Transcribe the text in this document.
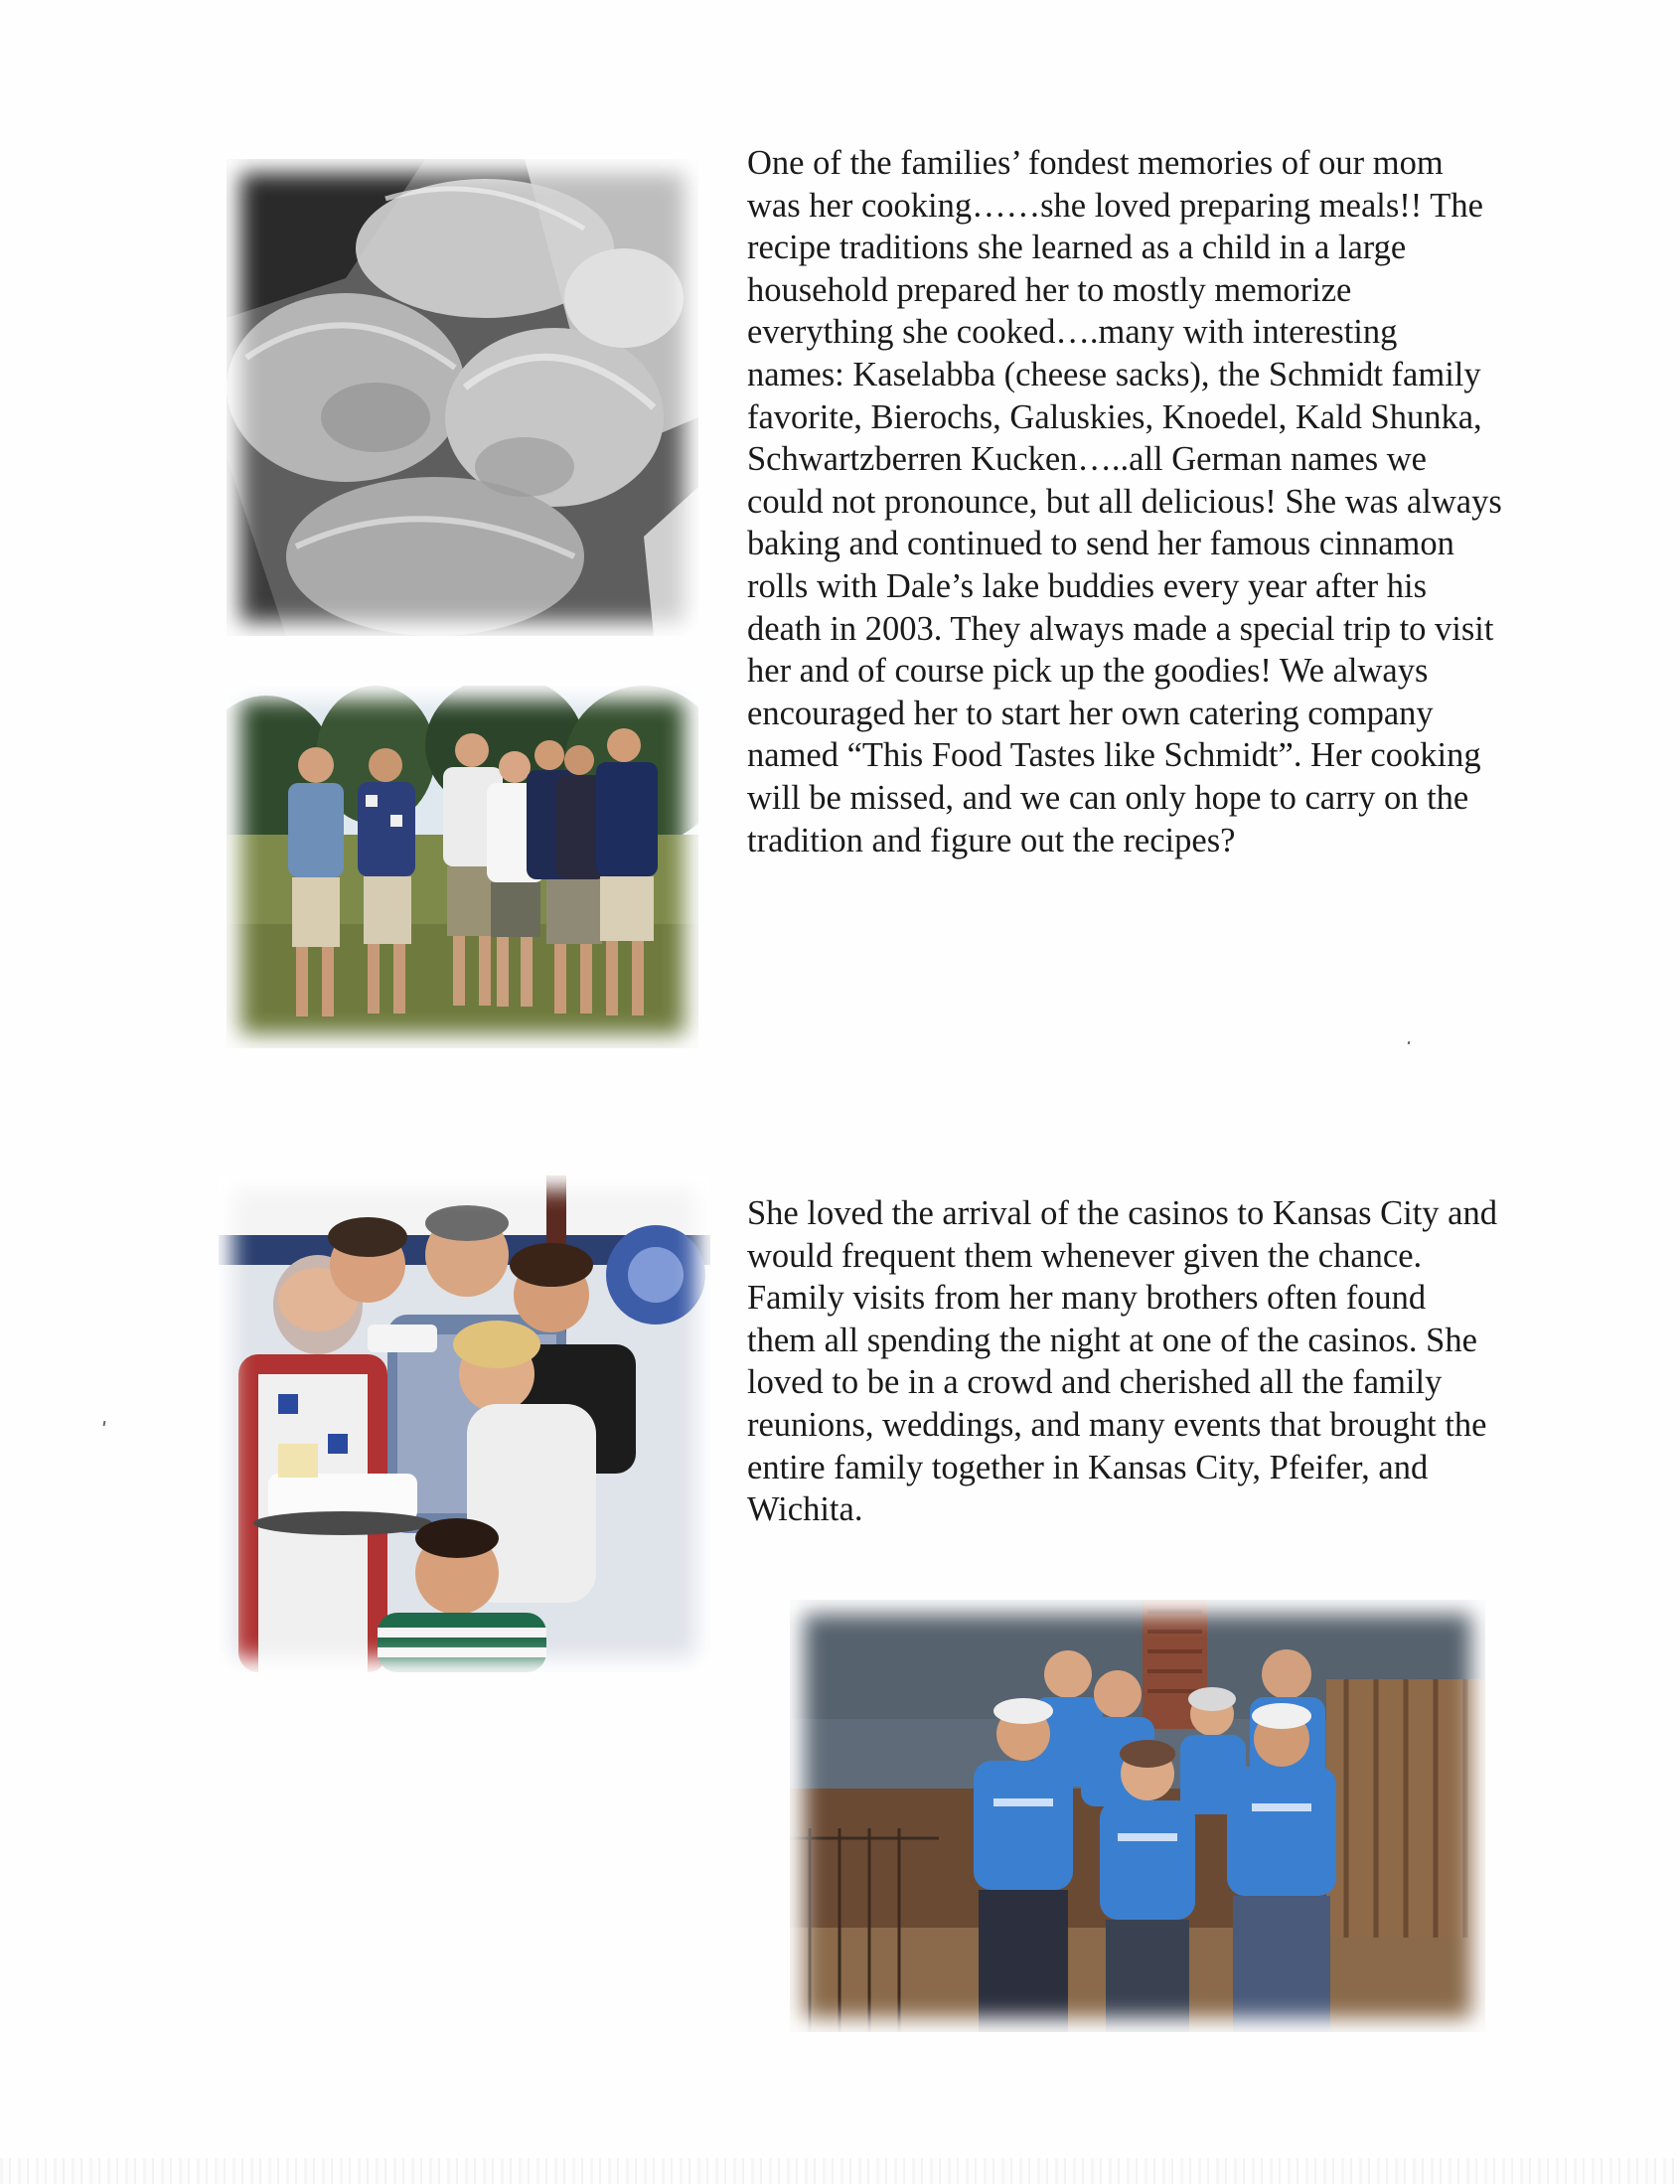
One of the families’ fondest memories of our mom was her cooking……she loved preparing meals!! The recipe traditions she learned as a child in a large household prepared her to mostly memorize everything she cooked….many with interesting names: Kaselabba (cheese sacks), the Schmidt family favorite, Bierochs, Galuskies, Knoedel, Kald Shunka, Schwartzberren Kucken…..all German names we could not pronounce, but all delicious! She was always baking and continued to send her famous cinnamon rolls with Dale’s lake buddies every year after his death in 2003. They always made a special trip to visit her and of course pick up the goodies! We always encouraged her to start her own catering company named “This Food Tastes like Schmidt”. Her cooking will be missed, and we can only hope to carry on the tradition and figure out the recipes?

She loved the arrival of the casinos to Kansas City and would frequent them whenever given the chance. Family visits from her many brothers often found them all spending the night at one of the casinos. She loved to be in a crowd and cherished all the family reunions, weddings, and many events that brought the entire family together in Kansas City, Pfeifer, and Wichita.
